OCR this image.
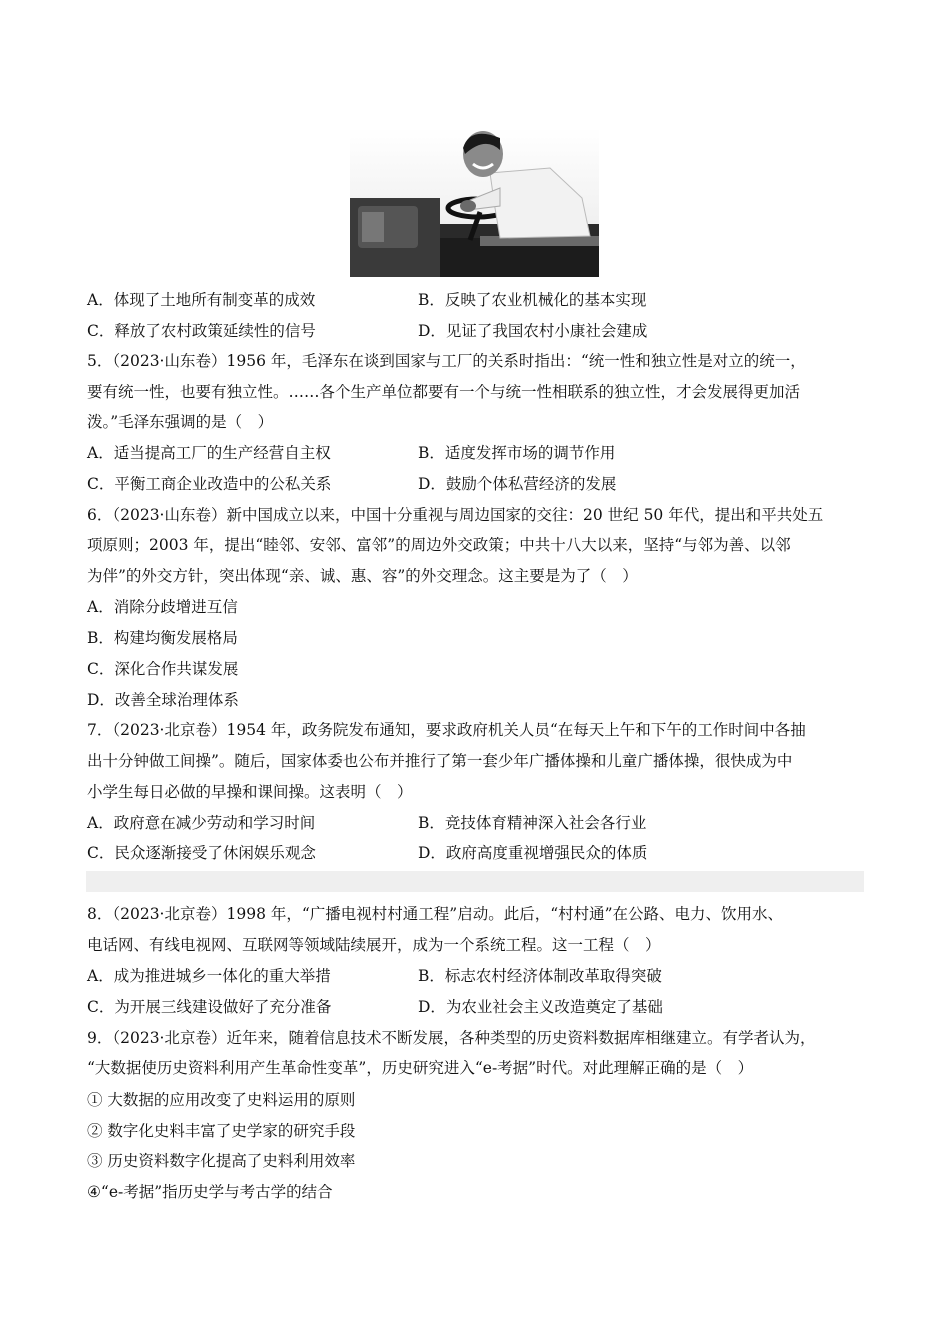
A．体现了土地所有制变革的成效	B．反映了农业机械化的基本实现
C．释放了农村政策延续性的信号	D．见证了我国农村小康社会建成
5．（2023·山东卷）1956 年，毛泽东在谈到国家与工厂的关系时指出：“统一性和独立性是对立的统一，
要有统一性，也要有独立性。……各个生产单位都要有一个与统一性相联系的独立性，才会发展得更加活
泼。”毛泽东强调的是（　）
A．适当提高工厂的生产经营自主权	B．适度发挥市场的调节作用
C．平衡工商企业改造中的公私关系	D．鼓励个体私营经济的发展
6．（2023·山东卷）新中国成立以来，中国十分重视与周边国家的交往：20 世纪 50 年代，提出和平共处五
项原则；2003 年，提出“睦邻、安邻、富邻”的周边外交政策；中共十八大以来，坚持“与邻为善、以邻
为伴”的外交方针，突出体现“亲、诚、惠、容”的外交理念。这主要是为了（　）
A．消除分歧增进互信
B．构建均衡发展格局
C．深化合作共谋发展
D．改善全球治理体系
7．（2023·北京卷）1954 年，政务院发布通知，要求政府机关人员“在每天上午和下午的工作时间中各抽
出十分钟做工间操”。随后，国家体委也公布并推行了第一套少年广播体操和儿童广播体操，很快成为中
小学生每日必做的早操和课间操。这表明（　）
A．政府意在减少劳动和学习时间	B．竞技体育精神深入社会各行业
C．民众逐渐接受了休闲娱乐观念	D．政府高度重视增强民众的体质
8．（2023·北京卷）1998 年，“广播电视村村通工程”启动。此后，“村村通”在公路、电力、饮用水、
电话网、有线电视网、互联网等领域陆续展开，成为一个系统工程。这一工程（　）
A．成为推进城乡一体化的重大举措	B．标志农村经济体制改革取得突破
C．为开展三线建设做好了充分准备	D．为农业社会主义改造奠定了基础
9．（2023·北京卷）近年来，随着信息技术不断发展，各种类型的历史资料数据库相继建立。有学者认为，
“大数据使历史资料利用产生革命性变革”，历史研究进入“e-考据”时代。对此理解正确的是（　）
① 大数据的应用改变了史料运用的原则
② 数字化史料丰富了史学家的研究手段
③ 历史资料数字化提高了史料利用效率
④“e-考据”指历史学与考古学的结合
